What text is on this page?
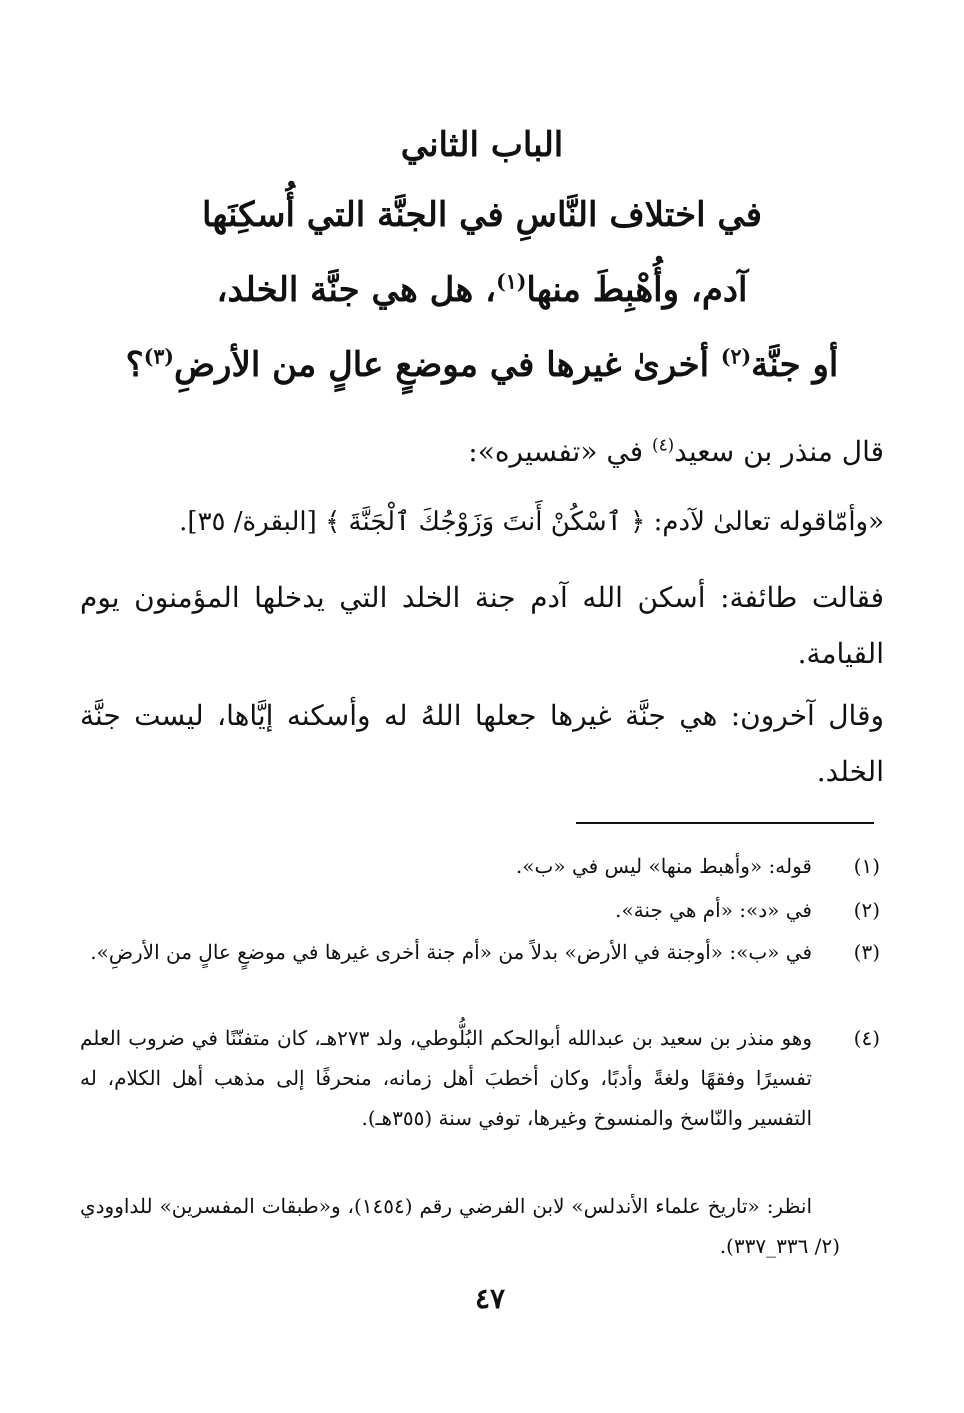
الباب الثاني
في اختلاف النَّاسِ في الجنَّة التي أُسكِنَها
آدم، وأُهْبِطَ منها$^{(١)}$، هل هي جنَّة الخلد،
أو جنَّة$^{(٢)}$ أخرىٰ غيرها في موضعٍ عالٍ من الأرضِ$^{(٣)}$؟
قال منذر بن سعيد$^{(٤)}$ في «تفسيره»:
«وأمّاقوله تعالىٰ لآدم: ﴿ ٱسْكُنْ أَنتَ وَزَوْجُكَ ٱلْجَنَّةَ ﴾ [البقرة/ ٣٥].
فقالت طائفة: أسكن الله آدم جنة الخلد التي يدخلها المؤمنون يوم القيامة.
وقال آخرون: هي جنَّة غيرها جعلها اللهُ له وأسكنه إيَّاها، ليست جنَّة الخلد.
(١)
قوله: «وأهبط منها» ليس في «ب».
(٢)
في «د»: «أم هي جنة».
(٣)
في «ب»: «أوجنة في الأرض» بدلاً من «أم جنة أخرى غيرها في موضعٍ عالٍ من الأرضِ».
(٤)
وهو منذر بن سعيد بن عبدالله أبوالحكم البُلُّوطي، ولد ٢٧٣هـ، كان متفنّنًا في ضروب العلم تفسيرًا وفقهًا ولغةً وأدبًا، وكان أخطبَ أهل زمانه، منحرفًا إلى مذهب أهل الكلام، له التفسير والنّاسخ والمنسوخ وغيرها، توفي سنة (٣٥٥هـ).
انظر: «تاريخ علماء الأندلس» لابن الفرضي رقم (١٤٥٤)، و«طبقات المفسرين» للداوودي (٢/ ٣٣٦_٣٣٧).
٤٧
